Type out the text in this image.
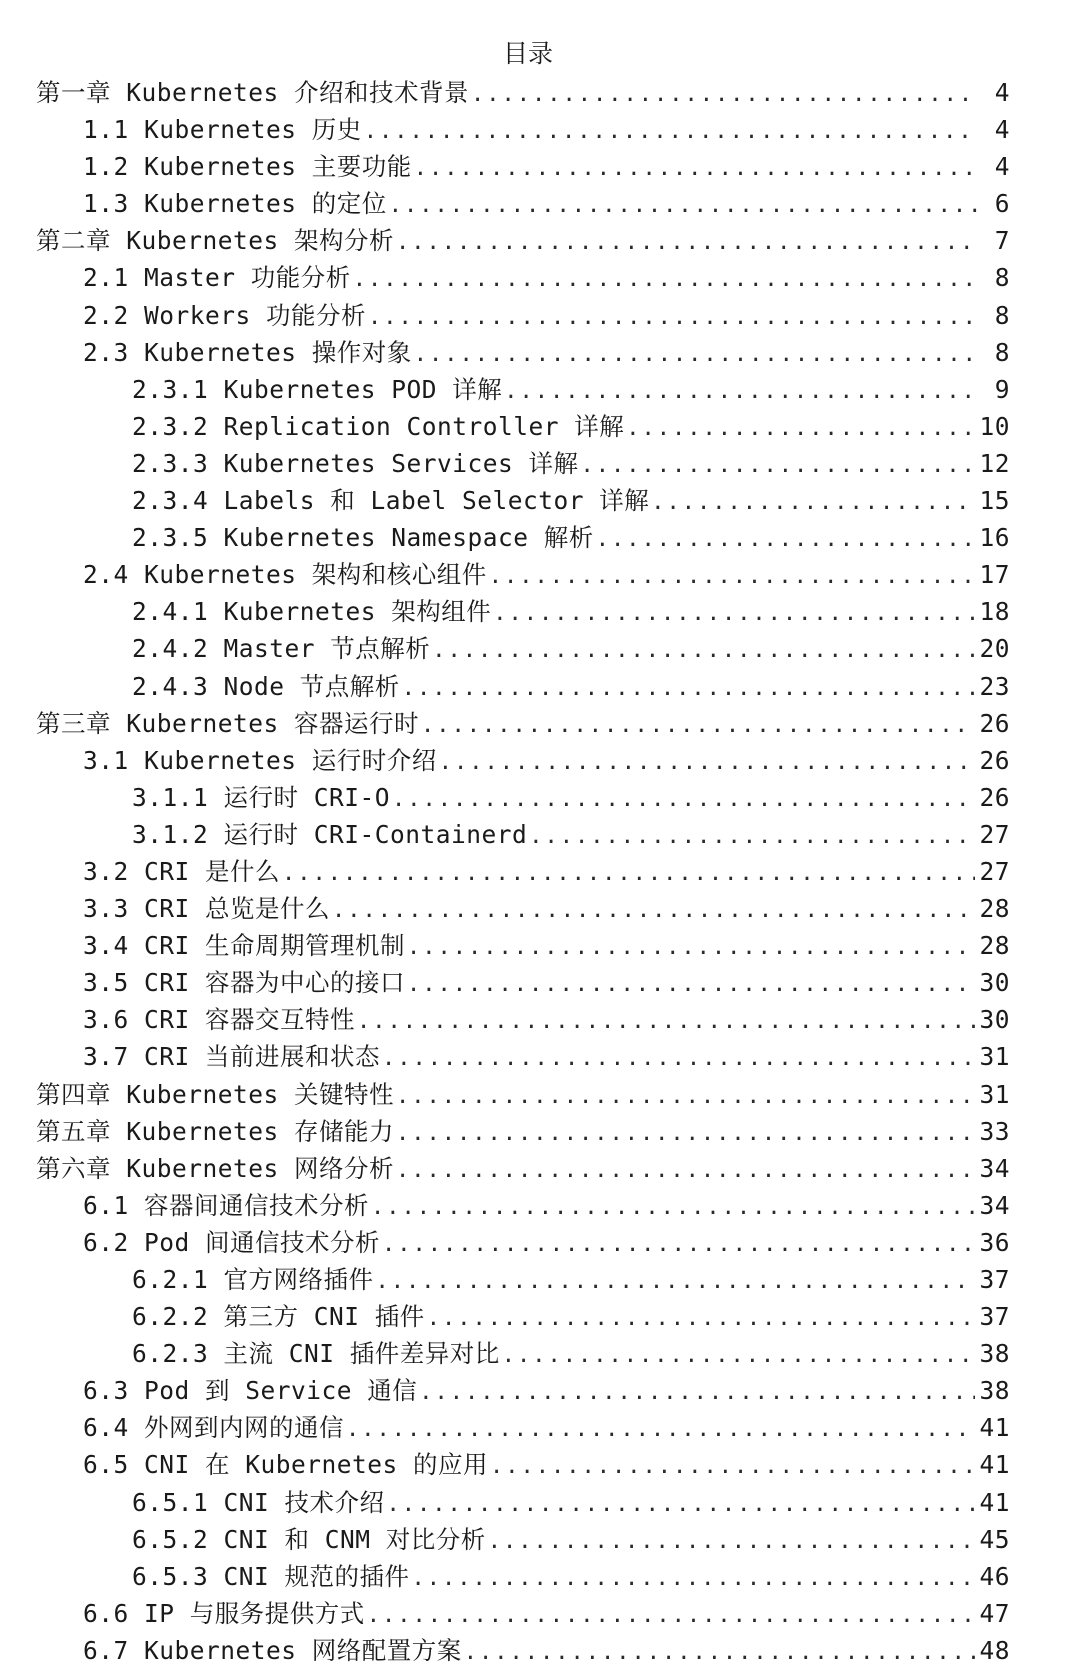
目录
第一章 Kubernetes 介绍和技术背景 .....	4
1.1 Kubernetes 历史 .....	4
1.2 Kubernetes 主要功能 .....	4
1.3 Kubernetes 的定位 .....	6
第二章 Kubernetes 架构分析 .....	7
2.1 Master 功能分析 .....	8
2.2 Workers 功能分析 .....	8
2.3 Kubernetes 操作对象 .....	8
2.3.1 Kubernetes POD 详解 .....	9
2.3.2 Replication Controller 详解 .....	10
2.3.3 Kubernetes Services 详解 .....	12
2.3.4 Labels 和 Label Selector 详解 .....	15
2.3.5 Kubernetes Namespace 解析 .....	16
2.4 Kubernetes 架构和核心组件 .....	17
2.4.1 Kubernetes 架构组件 .....	18
2.4.2 Master 节点解析 .....	20
2.4.3 Node 节点解析 .....	23
第三章 Kubernetes 容器运行时 .....	26
3.1 Kubernetes 运行时介绍 .....	26
3.1.1 运行时 CRI-O .....	26
3.1.2 运行时 CRI-Containerd .....	27
3.2 CRI 是什么 .....	27
3.3 CRI 总览是什么 .....	28
3.4 CRI 生命周期管理机制 .....	28
3.5 CRI 容器为中心的接口 .....	30
3.6 CRI 容器交互特性 .....	30
3.7 CRI 当前进展和状态 .....	31
第四章 Kubernetes 关键特性 .....	31
第五章 Kubernetes 存储能力 .....	33
第六章 Kubernetes 网络分析 .....	34
6.1 容器间通信技术分析 .....	34
6.2 Pod 间通信技术分析 .....	36
6.2.1 官方网络插件 .....	37
6.2.2 第三方 CNI 插件 .....	37
6.2.3 主流 CNI 插件差异对比 .....	38
6.3 Pod 到 Service 通信 .....	38
6.4 外网到内网的通信 .....	41
6.5 CNI 在 Kubernetes 的应用 .....	41
6.5.1 CNI 技术介绍 .....	41
6.5.2 CNI 和 CNM 对比分析 .....	45
6.5.3 CNI 规范的插件 .....	46
6.6 IP 与服务提供方式 .....	47
6.7 Kubernetes 网络配置方案 .....	48
